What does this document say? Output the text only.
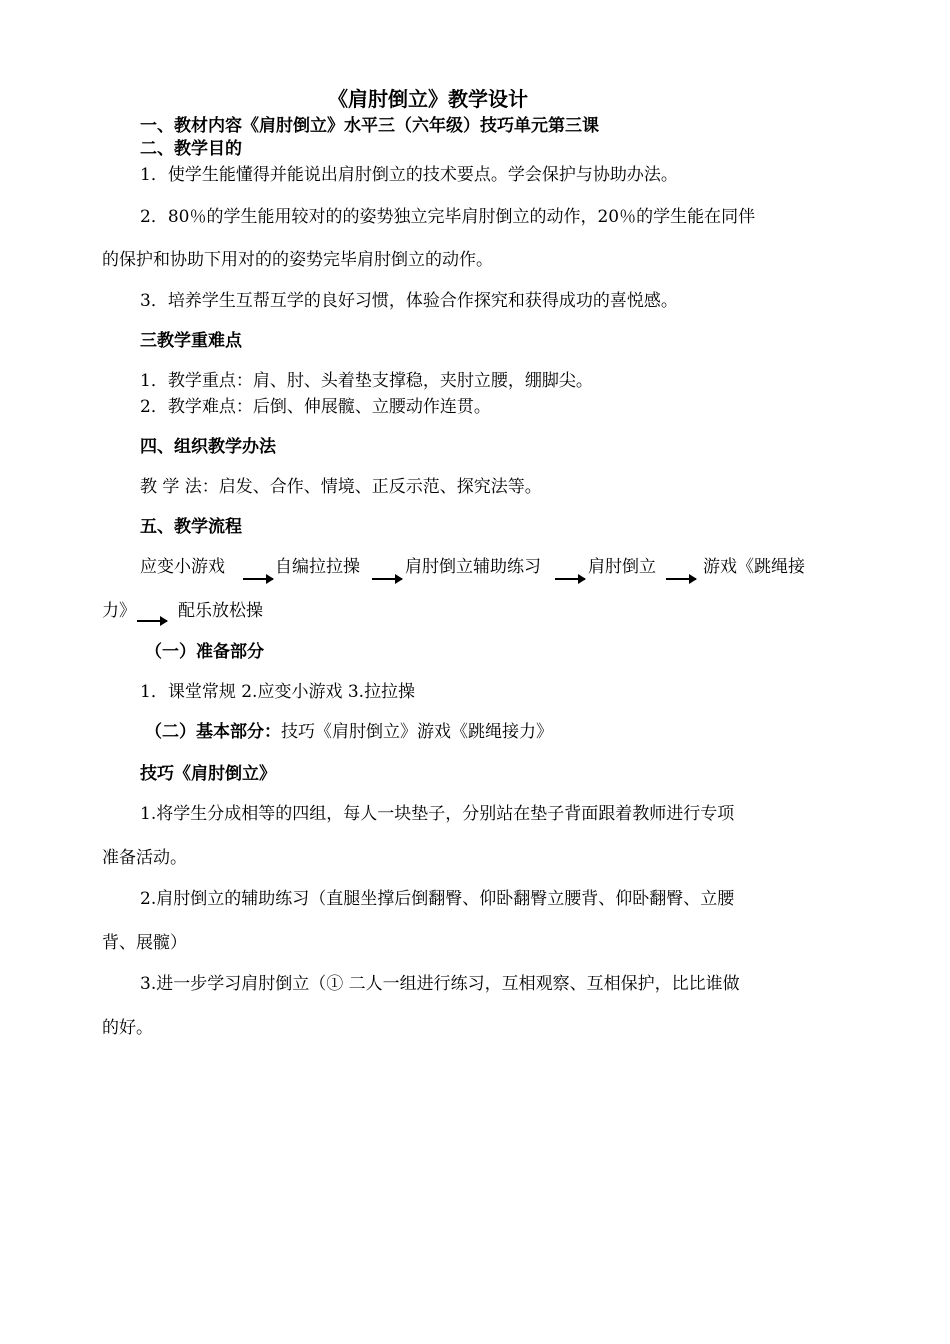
《肩肘倒立》教学设计
一、教材内容《肩肘倒立》水平三（六年级）技巧单元第三课
二、教学目的
1．使学生能懂得并能说出肩肘倒立的技术要点。学会保护与协助办法。
2．80％的学生能用较对的的姿势独立完毕肩肘倒立的动作，20％的学生能在同伴
的保护和协助下用对的的姿势完毕肩肘倒立的动作。
3．培养学生互帮互学的良好习惯，体验合作探究和获得成功的喜悦感。
三教学重难点
1．教学重点：肩、肘、头着垫支撑稳，夹肘立腰，绷脚尖。
2．教学难点：后倒、伸展髋、立腰动作连贯。
四、组织教学办法
教 学 法：启发、合作、情境、正反示范、探究法等。
五、教学流程
应变小游戏	自编拉拉操	肩肘倒立辅助练习	肩肘倒立	游戏《跳绳接
力》 配乐放松操
（一）准备部分
1．课堂常规 2.应变小游戏 3.拉拉操
（二）基本部分：技巧《肩肘倒立》游戏《跳绳接力》
技巧《肩肘倒立》
1.将学生分成相等的四组，每人一块垫子，分别站在垫子背面跟着教师进行专项
准备活动。
2.肩肘倒立的辅助练习（直腿坐撑后倒翻臀、仰卧翻臀立腰背、仰卧翻臀、立腰
背、展髋）
3.进一步学习肩肘倒立（① 二人一组进行练习，互相观察、互相保护，比比谁做
的好。
